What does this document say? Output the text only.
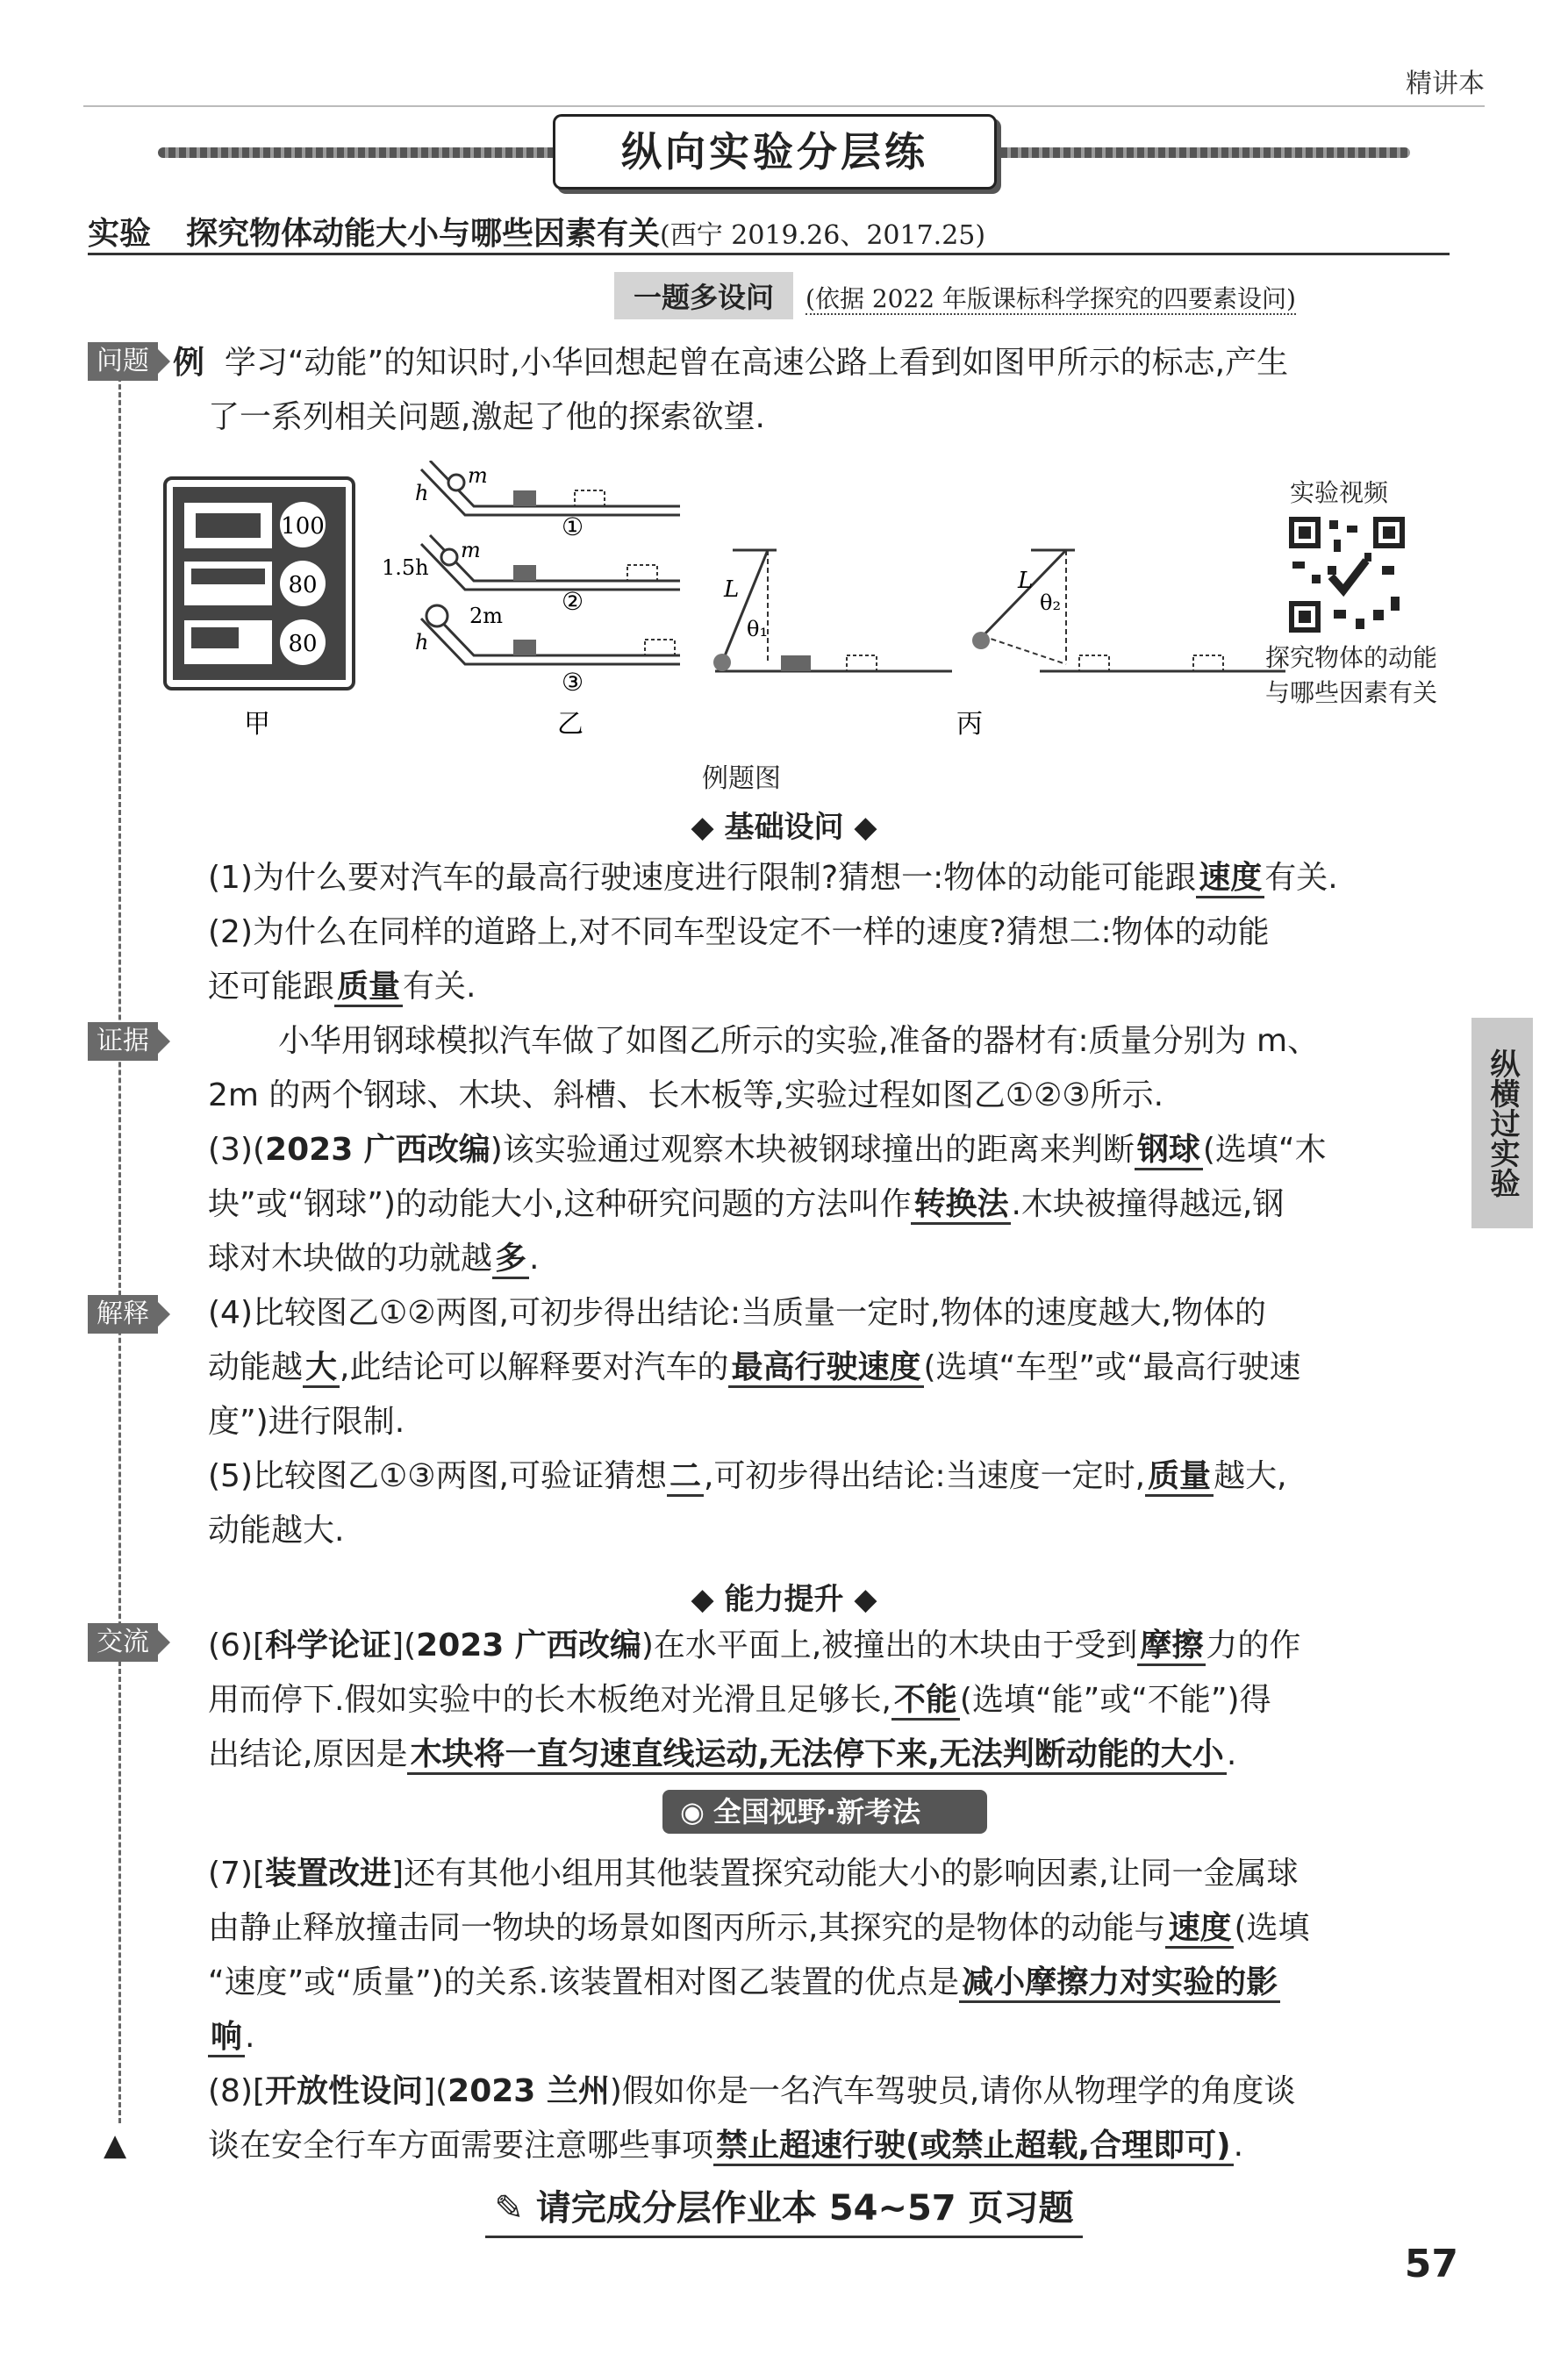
精讲本
纵向实验分层练
实验 探究物体动能大小与哪些因素有关(西宁 2019.26、2017.25)
一题多设问 (依据 2022 年版课标科学探究的四要素设问)
问题
证据
解释
交流
▲
例 学习“动能”的知识时,小华回想起曾在高速公路上看到如图甲所示的标志,产生
了一系列相关问题,激起了他的探索欲望.
100
80
80
甲
h
1.5h
h
m
m
2m
①
②
③
乙
L	L
θ₁
θ₂
丙
例题图
实验视频
探究物体的动能
与哪些因素有关
◆ 基础设问 ◆
(1)为什么要对汽车的最高行驶速度进行限制?猜想一:物体的动能可能跟速度有关.
(2)为什么在同样的道路上,对不同车型设定不一样的速度?猜想二:物体的动能
还可能跟质量有关.
小华用钢球模拟汽车做了如图乙所示的实验,准备的器材有:质量分别为 m、
2m 的两个钢球、木块、斜槽、长木板等,实验过程如图乙①②③所示.
(3)(2023 广西改编)该实验通过观察木块被钢球撞出的距离来判断钢球(选填“木
块”或“钢球”)的动能大小,这种研究问题的方法叫作转换法.木块被撞得越远,钢
球对木块做的功就越多.
(4)比较图乙①②两图,可初步得出结论:当质量一定时,物体的速度越大,物体的
动能越大,此结论可以解释要对汽车的最高行驶速度(选填“车型”或“最高行驶速
度”)进行限制.
(5)比较图乙①③两图,可验证猜想二,可初步得出结论:当速度一定时,质量越大,
动能越大.
◆ 能力提升 ◆
(6)[科学论证](2023 广西改编)在水平面上,被撞出的木块由于受到摩擦力的作
用而停下.假如实验中的长木板绝对光滑且足够长,不能(选填“能”或“不能”)得
出结论,原因是木块将一直匀速直线运动,无法停下来,无法判断动能的大小.
◉ 全国视野·新考法
(7)[装置改进]还有其他小组用其他装置探究动能大小的影响因素,让同一金属球
由静止释放撞击同一物块的场景如图丙所示,其探究的是物体的动能与速度(选填
“速度”或“质量”)的关系.该装置相对图乙装置的优点是减小摩擦力对实验的影
响.
(8)[开放性设问](2023 兰州)假如你是一名汽车驾驶员,请你从物理学的角度谈
谈在安全行车方面需要注意哪些事项禁止超速行驶(或禁止超载,合理即可).
纵横过实验
✎ 请完成分层作业本 54~57 页习题
57
